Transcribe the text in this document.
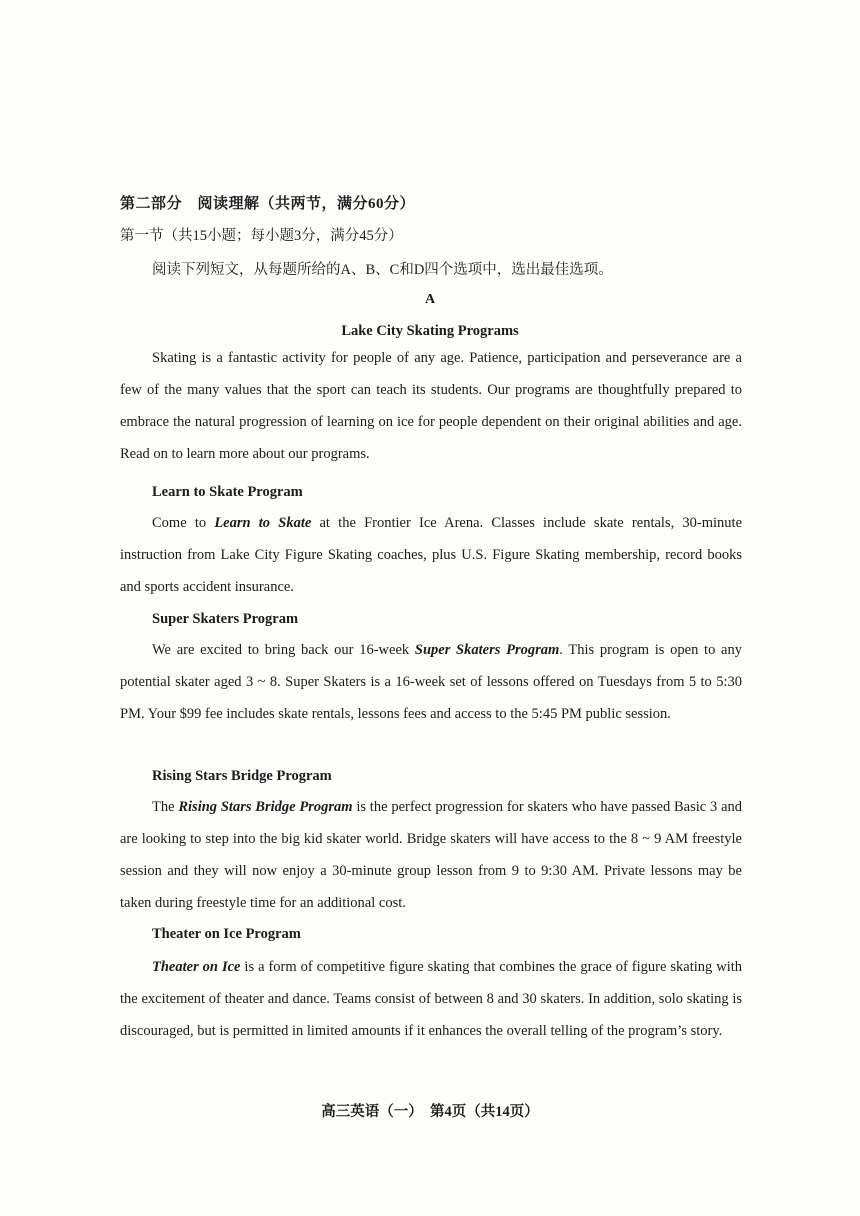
第二部分　阅读理解（共两节，满分60分）
第一节（共15小题；每小题3分，满分45分）
阅读下列短文，从每题所给的A、B、C和D四个选项中，选出最佳选项。
A
Lake City Skating Programs

Skating is a fantastic activity for people of any age. Patience, participation and perseverance are a few of the many values that the sport can teach its students. Our programs are thoughtfully prepared to embrace the natural progression of learning on ice for people dependent on their original abilities and age. Read on to learn more about our programs.

Learn to Skate Program

Come to Learn to Skate at the Frontier Ice Arena. Classes include skate rentals, 30-minute instruction from Lake City Figure Skating coaches, plus U.S. Figure Skating membership, record books and sports accident insurance.

Super Skaters Program

We are excited to bring back our 16-week Super Skaters Program. This program is open to any potential skater aged 3 ~ 8. Super Skaters is a 16-week set of lessons offered on Tuesdays from 5 to 5:30 PM. Your $99 fee includes skate rentals, lessons fees and access to the 5:45 PM public session.

Rising Stars Bridge Program

The Rising Stars Bridge Program is the perfect progression for skaters who have passed Basic 3 and are looking to step into the big kid skater world. Bridge skaters will have access to the 8 ~ 9 AM freestyle session and they will now enjoy a 30-minute group lesson from 9 to 9:30 AM. Private lessons may be taken during freestyle time for an additional cost.

Theater on Ice Program

Theater on Ice is a form of competitive figure skating that combines the grace of figure skating with the excitement of theater and dance. Teams consist of between 8 and 30 skaters. In addition, solo skating is discouraged, but is permitted in limited amounts if it enhances the overall telling of the program’s story.

高三英语（一）　第4页（共14页）
